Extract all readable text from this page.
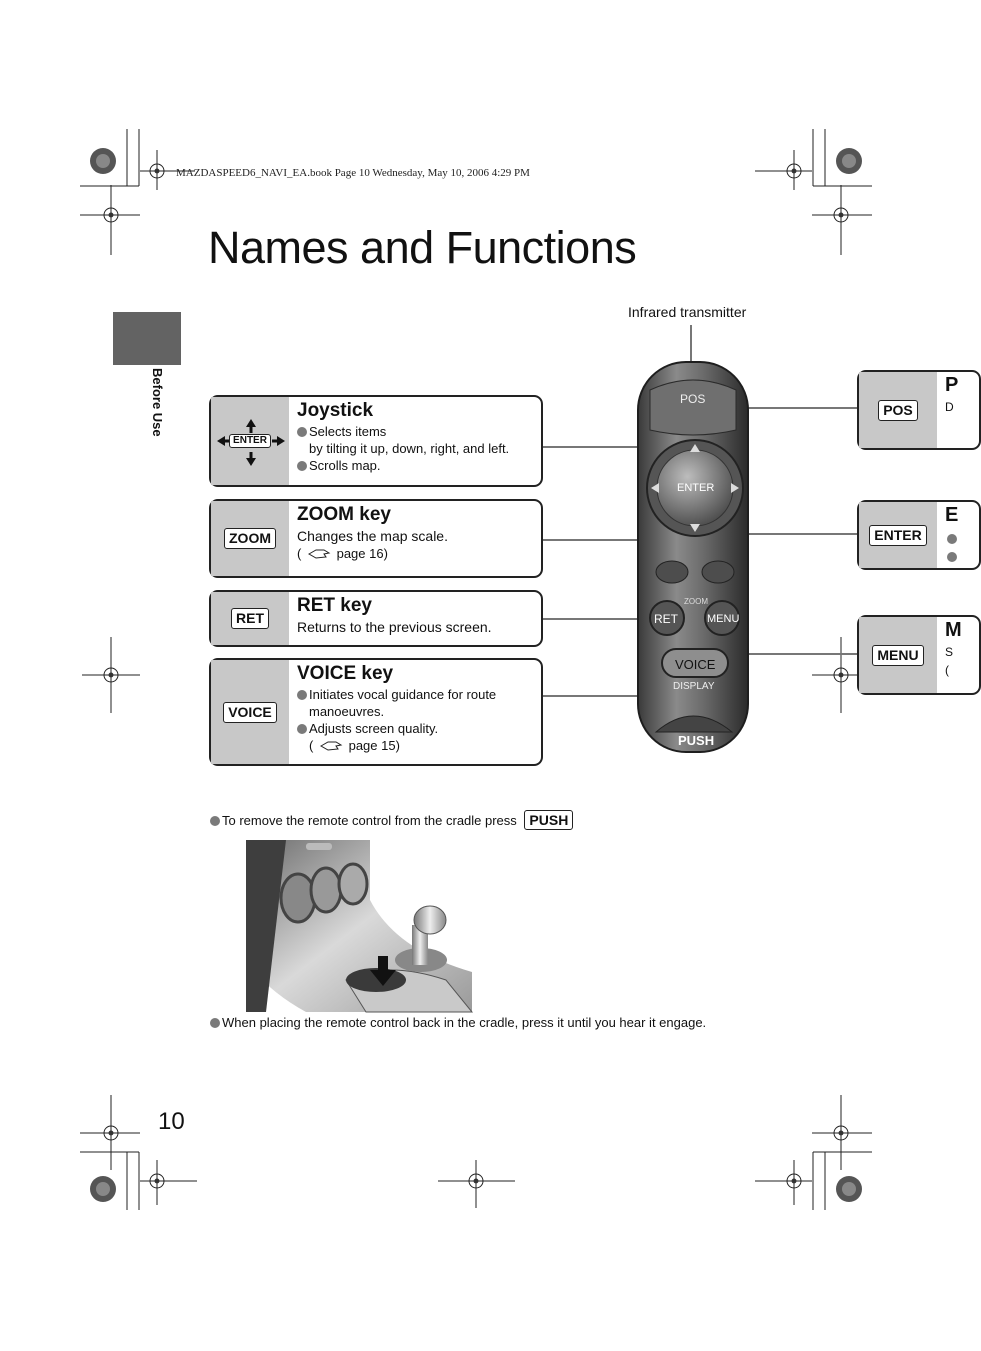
MAZDASPEED6_NAVI_EA.book Page 10 Wednesday, May 10, 2006 4:29 PM
Names and Functions
Before Use
Infrared transmitter
POS
ENTER
ZOOM
RET	MENU
VOICE
DISPLAY
PUSH
ENTER
Joystick
Selects items
by tilting it up, down, right, and left.
Scrolls map.
ZOOM
ZOOM key
Changes the map scale.
(	page 16)
RET
RET key
Returns to the previous screen.
VOICE
VOICE key
Initiates vocal guidance for route
manoeuvres.
Adjusts screen quality.
(	page 15)
POS
P
D
ENTER
E
MENU
M
S
(
To remove the remote control from the cradle press PUSH
When placing the remote control back in the cradle, press it until you hear it engage.
10
